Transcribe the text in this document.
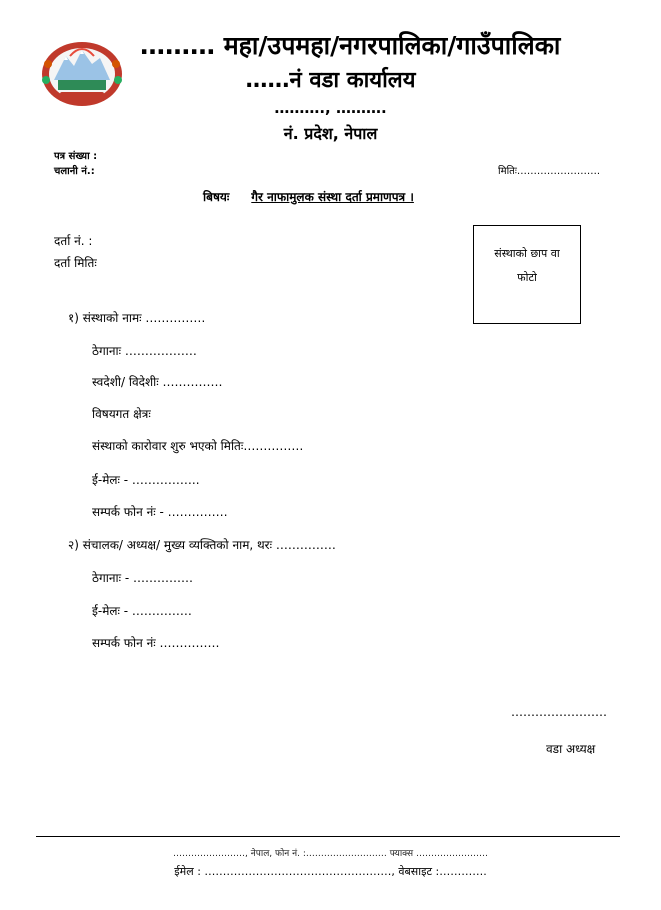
……… महा/उपमहा/नगरपालिका/गाउँपालिका
……नं वडा कार्यालय
………., ……….
नं. प्रदेश, नेपाल
पत्र संख्या :
चलानी नं.:	मितिः…………………….
बिषयः गैर नाफामुलक संस्था दर्ता प्रमाणपत्र ।
दर्ता नं. :
दर्ता मितिः
संस्थाको छाप वा
फोटो
१) संस्थाको नामः ……………
ठेगानाः ………………
स्वदेशी/ विदेशीः ……………
विषयगत क्षेत्रः
संस्थाको कारोवार शुरु भएको मितिः……………
ई-मेलः - ……………..
सम्पर्क फोन नंः - ……………
२) संचालक/ अध्यक्ष/ मुख्य व्यक्तिको नाम, थरः ……………
ठेगानाः - ……………
ई-मेलः - ……………
सम्पर्क फोन नंः ……………
……………………
वडा अध्यक्ष
……………………, नेपाल, फोन नं. :……………………… फ्याक्स ……………………
ईमेल : ……………………………………………, वेबसाइट :………….
